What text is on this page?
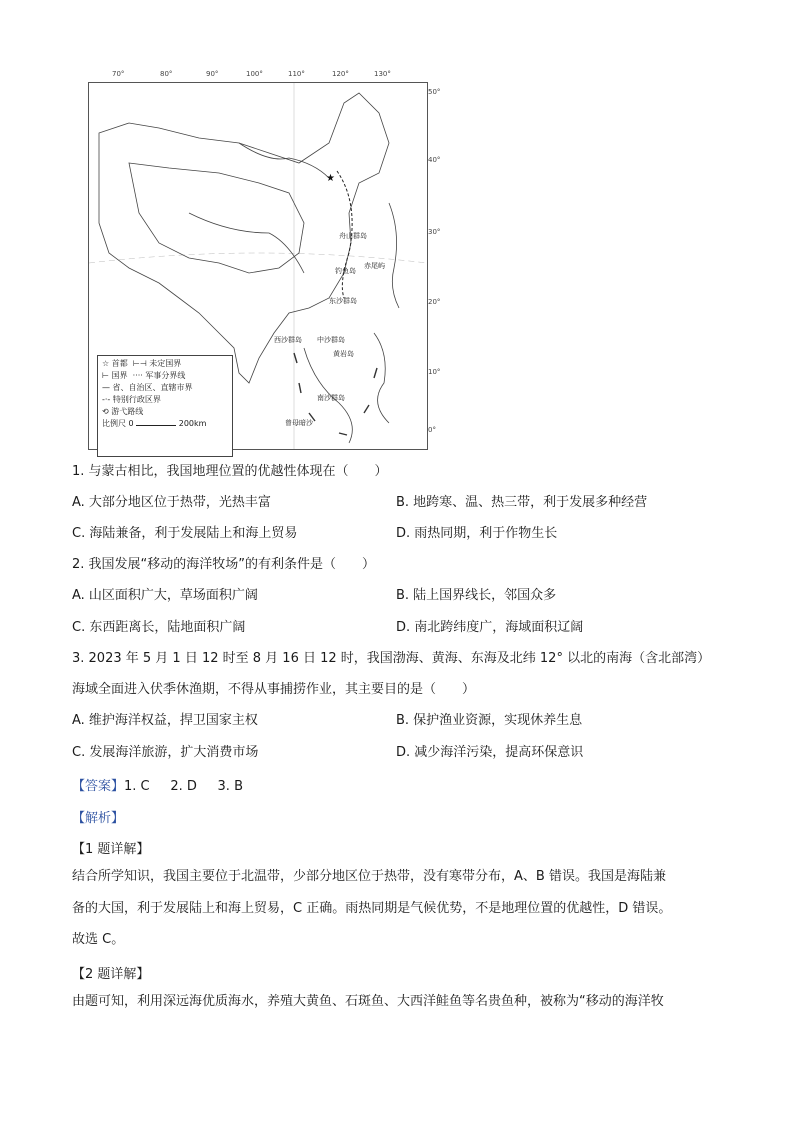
70°	80°	90°	100°	110°	120°	130°
★
舟山群岛
钓鱼岛
赤尾屿
东沙群岛
西沙群岛 中沙群岛
黄岩岛
南沙群岛
曾母暗沙
☆ 首都 ⊢⊣ 未定国界
⊢ 国界 ···· 军事分界线
— 省、自治区、直辖市界
-·- 特别行政区界
⟲ 游弋路线
比例尺 0	200km
50°
40°
30°
20°
10°
0°
1. 与蒙古相比，我国地理位置的优越性体现在（　　）
A. 大部分地区位于热带，光热丰富	B. 地跨寒、温、热三带，利于发展多种经营
C. 海陆兼备，利于发展陆上和海上贸易	D. 雨热同期，利于作物生长
2. 我国发展“移动的海洋牧场”的有利条件是（　　）
A. 山区面积广大，草场面积广阔	B. 陆上国界线长，邻国众多
C. 东西距离长，陆地面积广阔	D. 南北跨纬度广，海域面积辽阔
3. 2023 年 5 月 1 日 12 时至 8 月 16 日 12 时，我国渤海、黄海、东海及北纬 12° 以北的南海（含北部湾）
海域全面进入伏季休渔期，不得从事捕捞作业，其主要目的是（　　）
A. 维护海洋权益，捍卫国家主权	B. 保护渔业资源，实现休养生息
C. 发展海洋旅游，扩大消费市场	D. 减少海洋污染，提高环保意识
【答案】1. C 2. D 3. B
【解析】
【1 题详解】
结合所学知识，我国主要位于北温带，少部分地区位于热带，没有寒带分布，A、B 错误。我国是海陆兼
备的大国，利于发展陆上和海上贸易，C 正确。雨热同期是气候优势，不是地理位置的优越性，D 错误。
故选 C。
【2 题详解】
由题可知，利用深远海优质海水，养殖大黄鱼、石斑鱼、大西洋鲑鱼等名贵鱼种，被称为“移动的海洋牧
